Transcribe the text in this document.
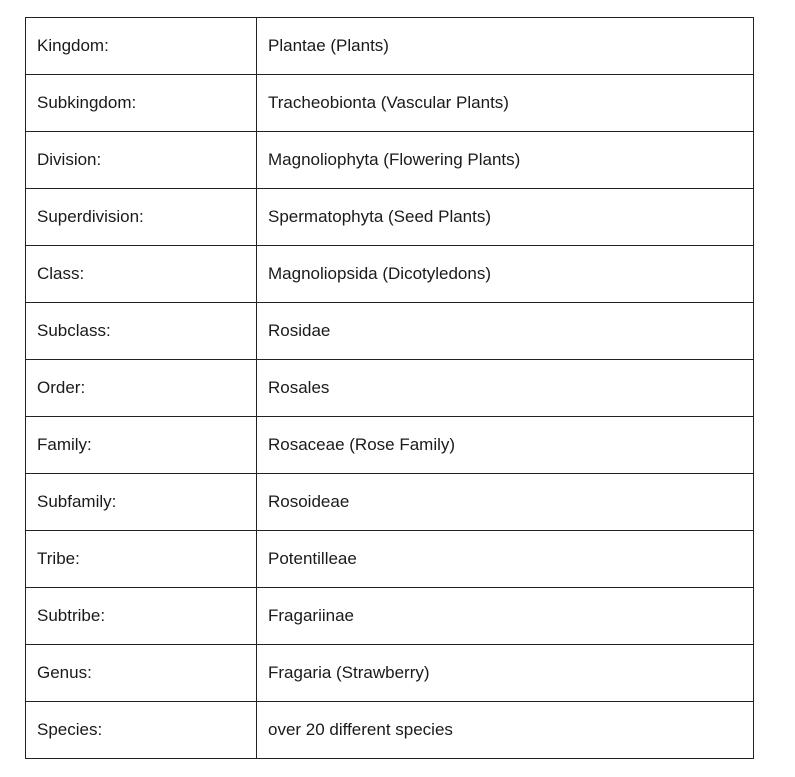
Kingdom:	Plantae (Plants)
Subkingdom:	Tracheobionta (Vascular Plants)
Division:	Magnoliophyta (Flowering Plants)
Superdivision:	Spermatophyta (Seed Plants)
Class:	Magnoliopsida (Dicotyledons)
Subclass:	Rosidae
Order:	Rosales
Family:	Rosaceae (Rose Family)
Subfamily:	Rosoideae
Tribe:	Potentilleae
Subtribe:	Fragariinae
Genus:	Fragaria (Strawberry)
Species:	over 20 different species
